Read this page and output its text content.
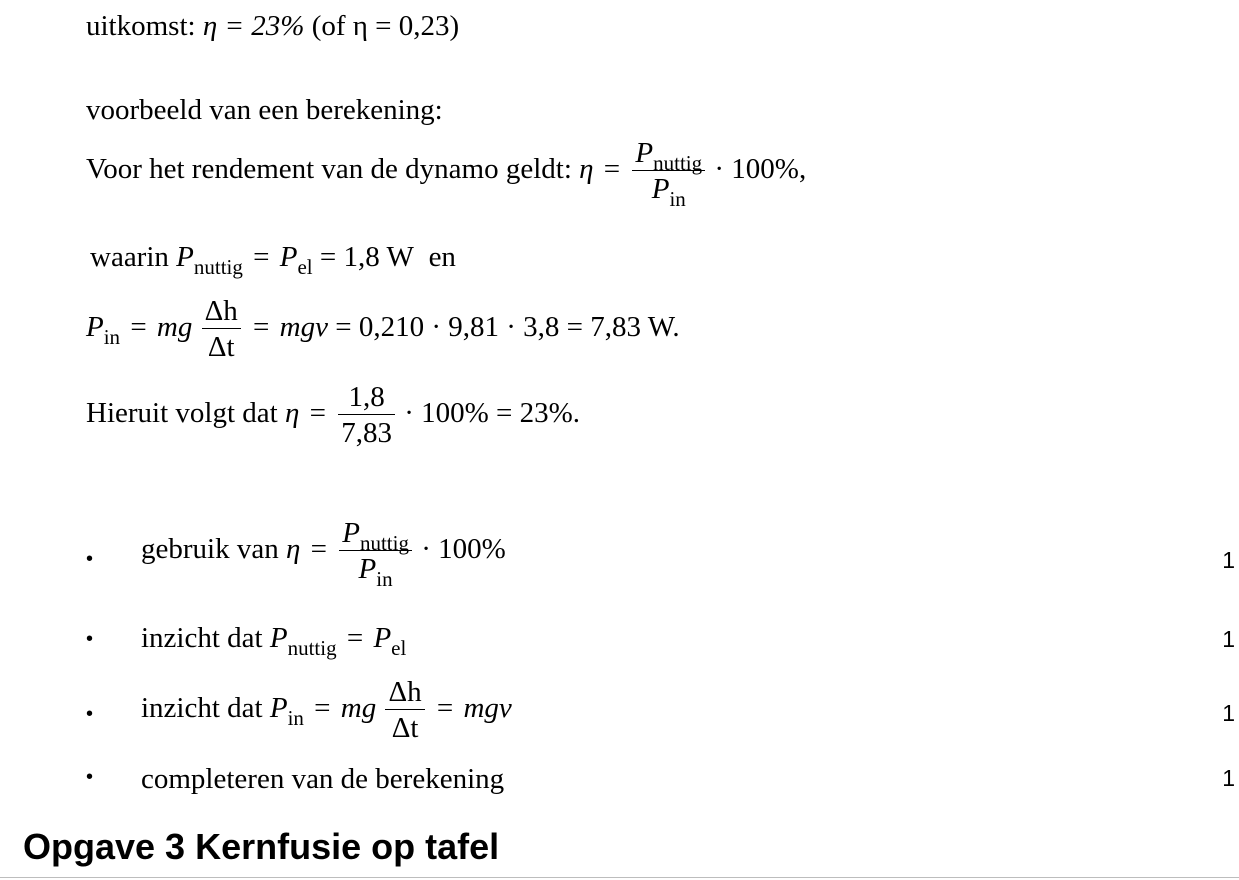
uitkomst: η = 23% (of η = 0,23)
voorbeeld van een berekening:
Voor het rendement van de dynamo geldt: $\eta = \frac{P_{nuttig}}{P_{in}} \cdot 100\%$,
waarin $P_{nuttig} = P_{el} = 1,8$ W en
$P_{in}$ = mg $\frac{\Delta h}{\Delta t}$ = mgv = 0,210 · 9,81 · 3,8 = 7,83 W.
Hieruit volgt dat $\eta = \frac{1,8}{7,83} \cdot 100\% = 23\%$.
• gebruik van $\eta = \frac{P_{nuttig}}{P_{in}} \cdot 100\%$	1
• inzicht dat $P_{nuttig} = P_{el}$	1
• inzicht dat $P_{in}$ = mg $\frac{\Delta h}{\Delta t}$ = mgv	1
• completeren van de berekening	1
Opgave 3 Kernfusie op tafel
